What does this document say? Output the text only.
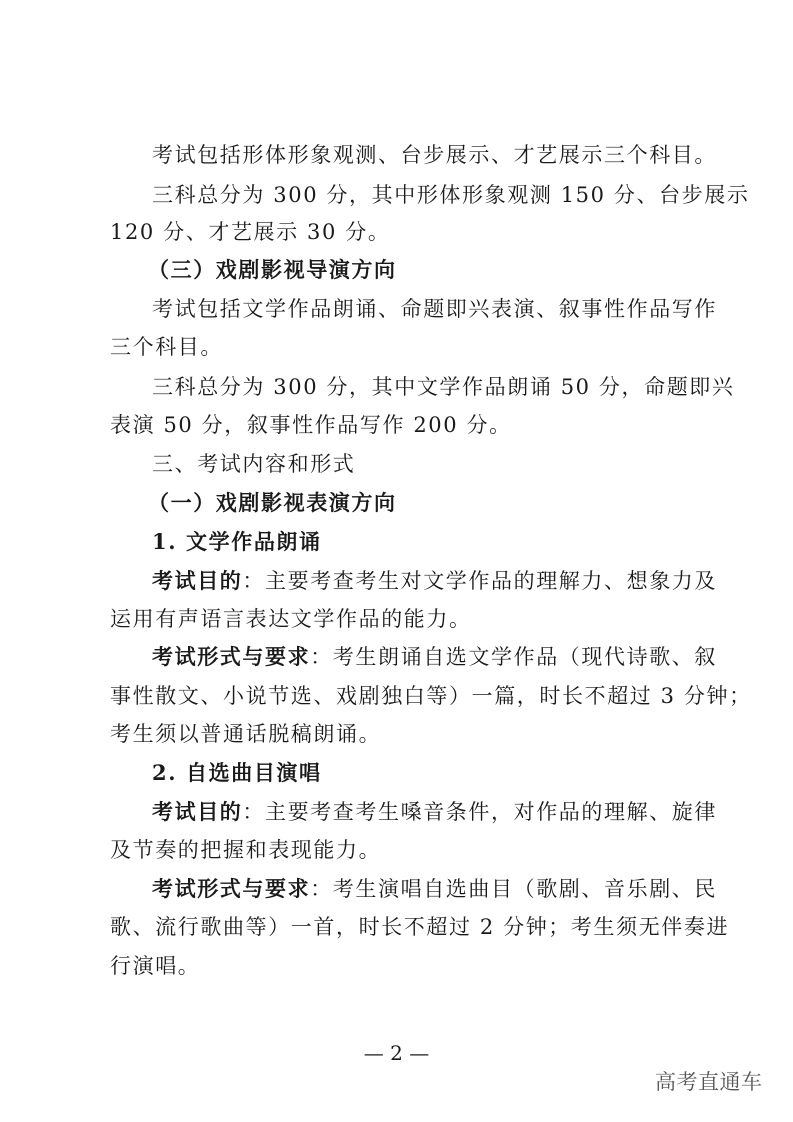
考试包括形体形象观测、台步展示、才艺展示三个科目。
三科总分为 300 分，其中形体形象观测 150 分、台步展示
120 分、才艺展示 30 分。
（三）戏剧影视导演方向
考试包括文学作品朗诵、命题即兴表演、叙事性作品写作
三个科目。
三科总分为 300 分，其中文学作品朗诵 50 分，命题即兴
表演 50 分，叙事性作品写作 200 分。
三、考试内容和形式
（一）戏剧影视表演方向
1. 文学作品朗诵
考试目的：主要考查考生对文学作品的理解力、想象力及
运用有声语言表达文学作品的能力。
考试形式与要求：考生朗诵自选文学作品（现代诗歌、叙
事性散文、小说节选、戏剧独白等）一篇，时长不超过 3 分钟；
考生须以普通话脱稿朗诵。
2. 自选曲目演唱
考试目的：主要考查考生嗓音条件，对作品的理解、旋律
及节奏的把握和表现能力。
考试形式与要求：考生演唱自选曲目（歌剧、音乐剧、民
歌、流行歌曲等）一首，时长不超过 2 分钟；考生须无伴奏进
行演唱。
— 2 —
高考直通车
